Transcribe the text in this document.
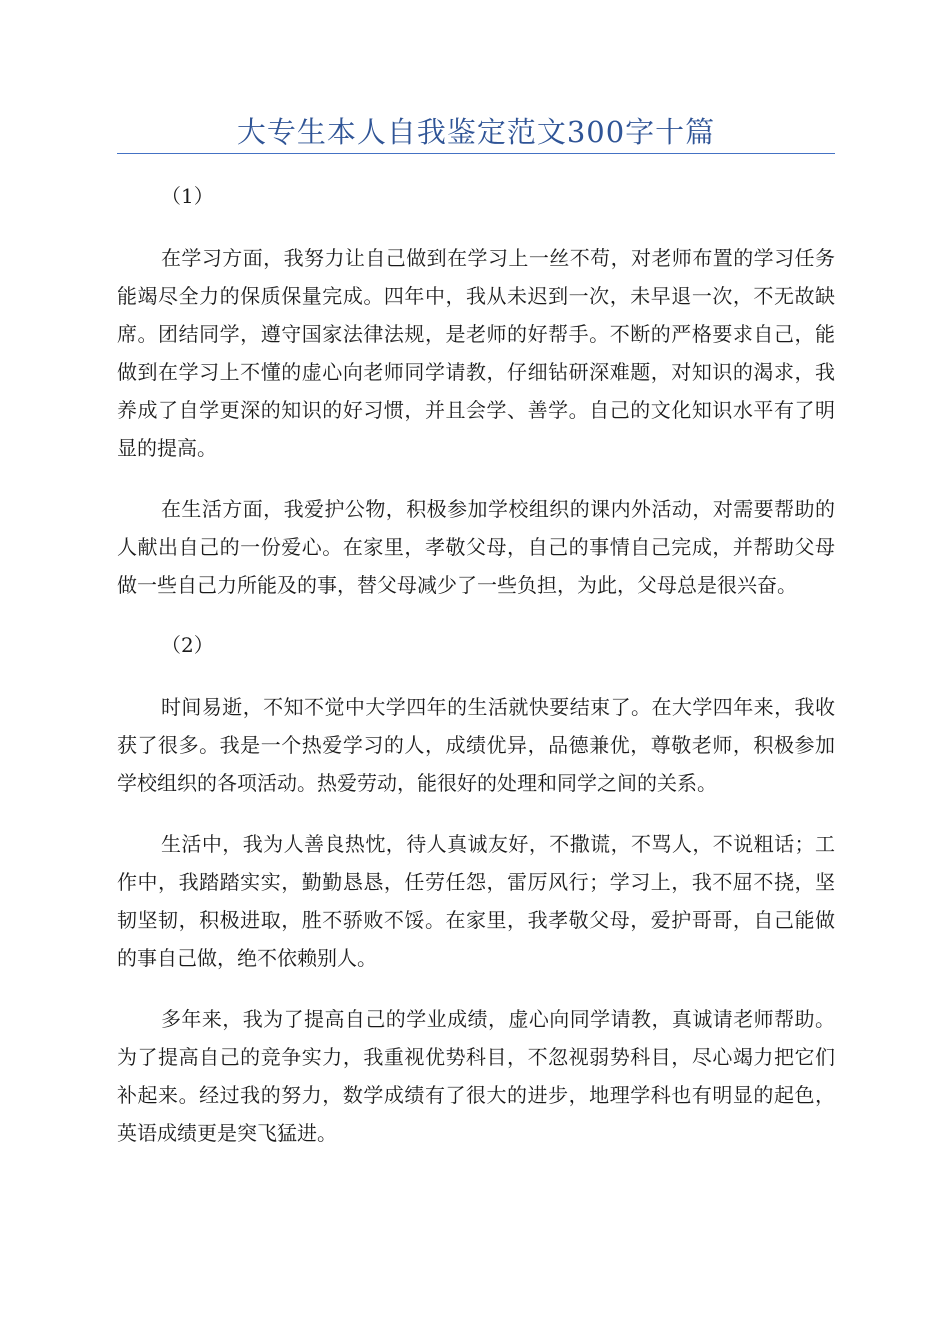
大专生本人自我鉴定范文300字十篇

（1）

在学习方面，我努力让自己做到在学习上一丝不苟，对老师布置的学习任务能竭尽全力的保质保量完成。四年中，我从未迟到一次，未早退一次，不无故缺席。团结同学，遵守国家法律法规，是老师的好帮手。不断的严格要求自己，能做到在学习上不懂的虚心向老师同学请教，仔细钻研深难题，对知识的渴求，我养成了自学更深的知识的好习惯，并且会学、善学。自己的文化知识水平有了明显的提高。

在生活方面，我爱护公物，积极参加学校组织的课内外活动，对需要帮助的人献出自己的一份爱心。在家里，孝敬父母，自己的事情自己完成，并帮助父母做一些自己力所能及的事，替父母减少了一些负担，为此，父母总是很兴奋。

（2）

时间易逝，不知不觉中大学四年的生活就快要结束了。在大学四年来，我收获了很多。我是一个热爱学习的人，成绩优异，品德兼优，尊敬老师，积极参加学校组织的各项活动。热爱劳动，能很好的处理和同学之间的关系。

生活中，我为人善良热忱，待人真诚友好，不撒谎，不骂人，不说粗话；工作中，我踏踏实实，勤勤恳恳，任劳任怨，雷厉风行；学习上，我不屈不挠，坚韧坚韧，积极进取，胜不骄败不馁。在家里，我孝敬父母，爱护哥哥，自己能做的事自己做，绝不依赖别人。

多年来，我为了提高自己的学业成绩，虚心向同学请教，真诚请老师帮助。为了提高自己的竞争实力，我重视优势科目，不忽视弱势科目，尽心竭力把它们补起来。经过我的努力，数学成绩有了很大的进步，地理学科也有明显的起色，英语成绩更是突飞猛进。
